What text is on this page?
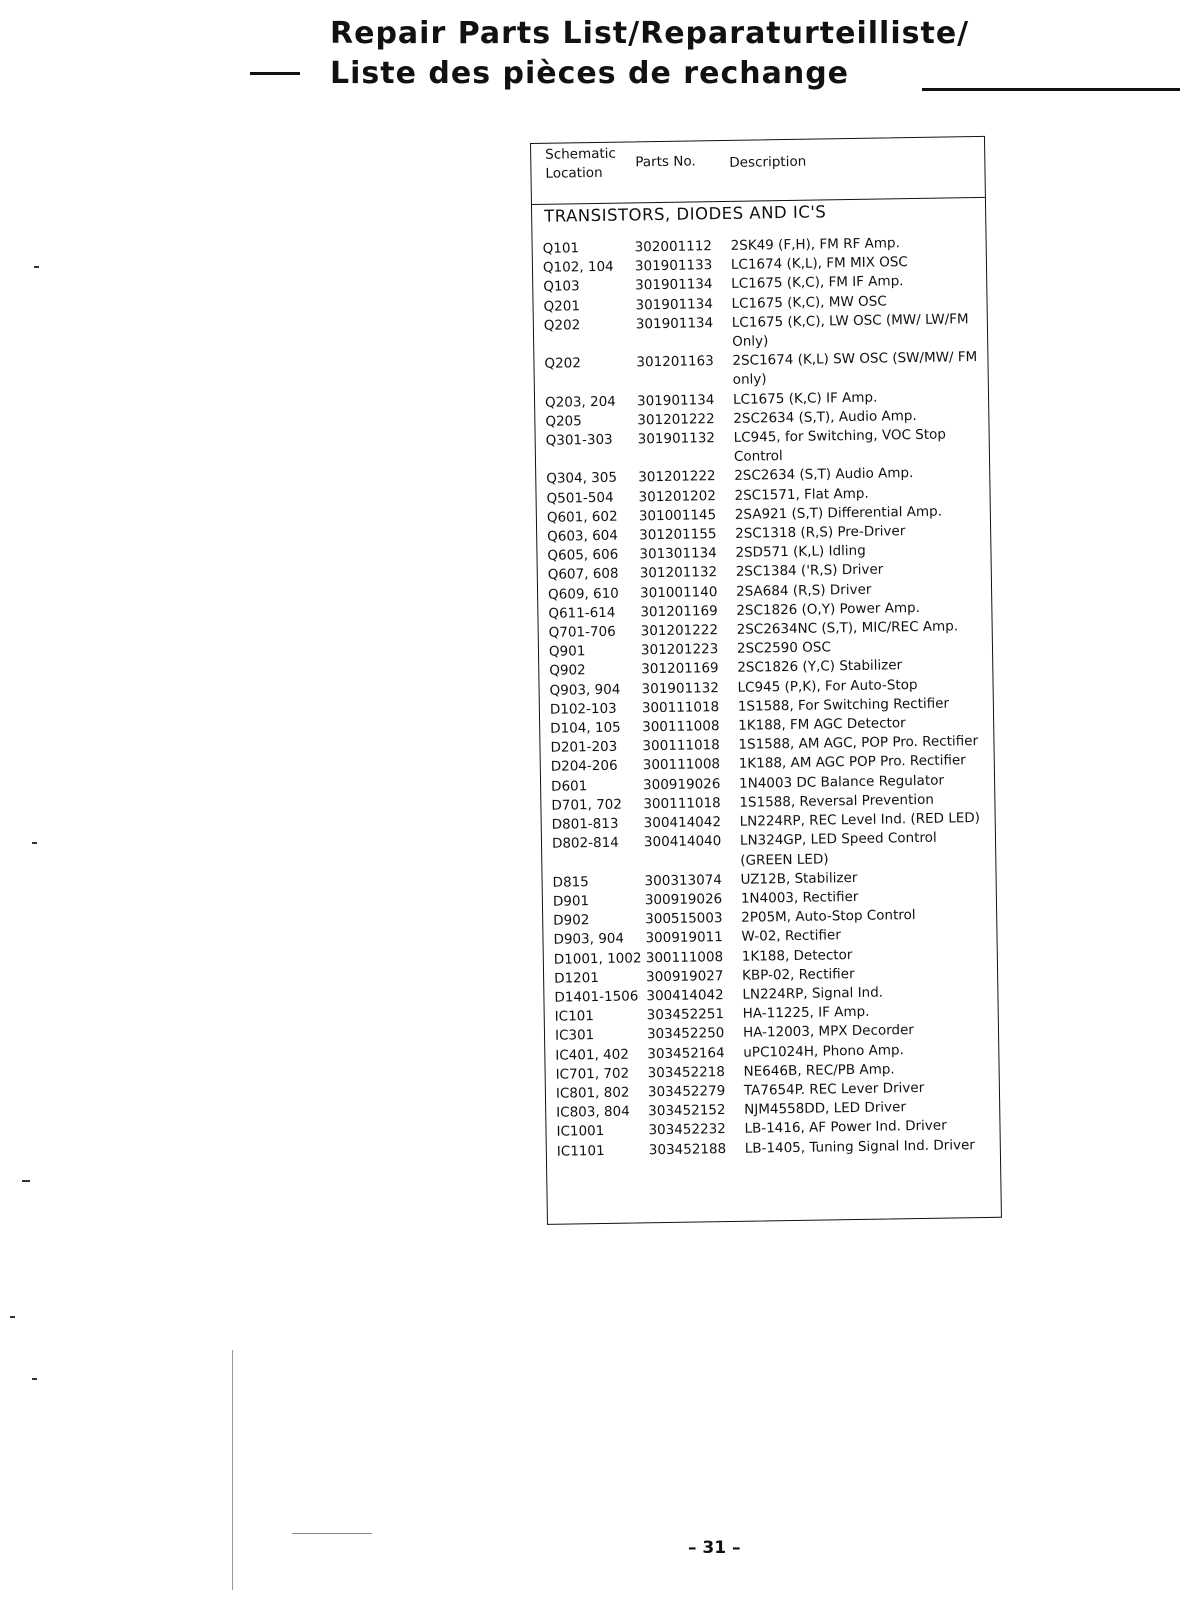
Repair Parts List/Reparaturteilliste/
Liste des pièces de rechange
Schematic
Location
Parts No. Description
TRANSISTORS, DIODES AND IC'S
Q101	302001112	2SK49 (F,H), FM RF Amp.
Q102, 104	301901133	LC1674 (K,L), FM MIX OSC
Q103	301901134	LC1675 (K,C), FM IF Amp.
Q201	301901134	LC1675 (K,C), MW OSC
Q202	301901134	LC1675 (K,C), LW OSC (MW/ LW/FM Only)
Q202	301201163	2SC1674 (K,L) SW OSC (SW/MW/ FM only)
Q203, 204	301901134	LC1675 (K,C) IF Amp.
Q205	301201222	2SC2634 (S,T), Audio Amp.
Q301-303	301901132	LC945, for Switching, VOC Stop Control
Q304, 305	301201222	2SC2634 (S,T) Audio Amp.
Q501-504	301201202	2SC1571, Flat Amp.
Q601, 602	301001145	2SA921 (S,T) Differential Amp.
Q603, 604	301201155	2SC1318 (R,S) Pre-Driver
Q605, 606	301301134	2SD571 (K,L) Idling
Q607, 608	301201132	2SC1384 ('R,S) Driver
Q609, 610	301001140	2SA684 (R,S) Driver
Q611-614	301201169	2SC1826 (O,Y) Power Amp.
Q701-706	301201222	2SC2634NC (S,T), MIC/REC Amp.
Q901	301201223	2SC2590 OSC
Q902	301201169	2SC1826 (Y,C) Stabilizer
Q903, 904	301901132	LC945 (P,K), For Auto-Stop
D102-103	300111018	1S1588, For Switching Rectifier
D104, 105	300111008	1K188, FM AGC Detector
D201-203	300111018	1S1588, AM AGC, POP Pro. Rectifier
D204-206	300111008	1K188, AM AGC POP Pro. Rectifier
D601	300919026	1N4003 DC Balance Regulator
D701, 702	300111018	1S1588, Reversal Prevention
D801-813	300414042	LN224RP, REC Level Ind. (RED LED)
D802-814	300414040	LN324GP, LED Speed Control (GREEN LED)
D815	300313074	UZ12B, Stabilizer
D901	300919026	1N4003, Rectifier
D902	300515003	2P05M, Auto-Stop Control
D903, 904	300919011	W-02, Rectifier
D1001, 1002 300111008	1K188, Detector
D1201	300919027	KBP-02, Rectifier
D1401-1506 300414042	LN224RP, Signal Ind.
IC101	303452251	HA-11225, IF Amp.
IC301	303452250	HA-12003, MPX Decorder
IC401, 402	303452164	uPC1024H, Phono Amp.
IC701, 702	303452218	NE646B, REC/PB Amp.
IC801, 802	303452279	TA7654P. REC Lever Driver
IC803, 804	303452152	NJM4558DD, LED Driver
IC1001	303452232	LB-1416, AF Power Ind. Driver
IC1101	303452188	LB-1405, Tuning Signal Ind. Driver
– 31 –
